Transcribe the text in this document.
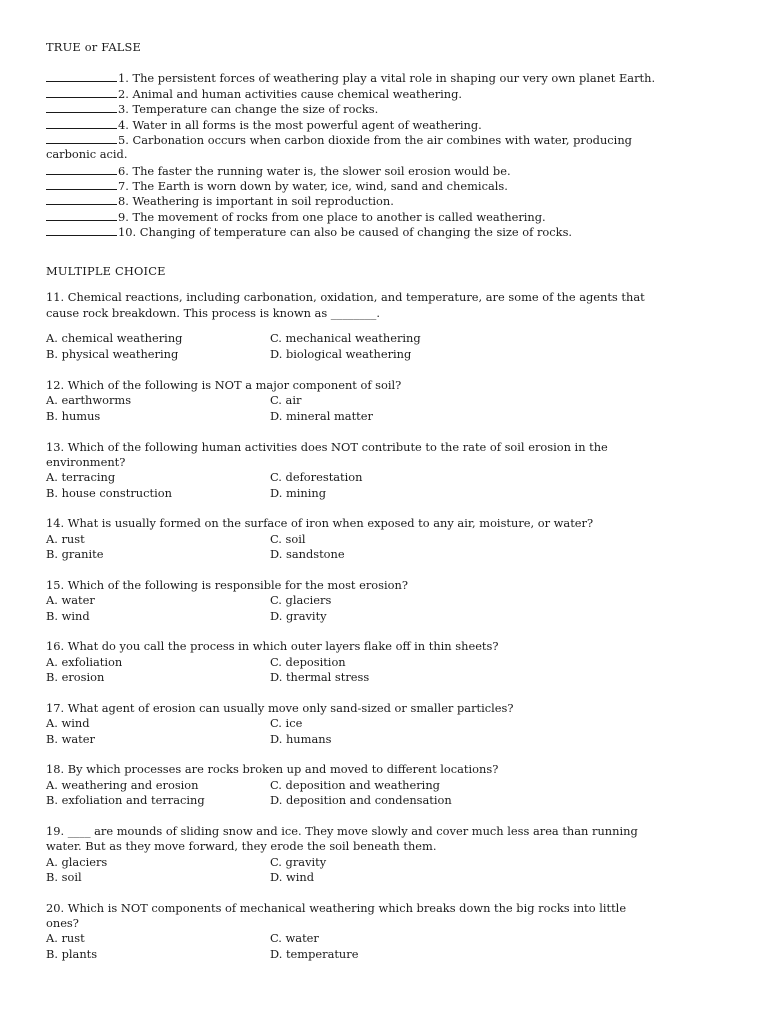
TRUE or FALSE
1. The persistent forces of weathering play a vital role in shaping our very own planet Earth.
2. Animal and human activities cause chemical weathering.
3. Temperature can change the size of rocks.
4. Water in all forms is the most powerful agent of weathering.
5. Carbonation occurs when carbon dioxide from the air combines with water, producing
carbonic acid.
6. The faster the running water is, the slower soil erosion would be.
7. The Earth is worn down by water, ice, wind, sand and chemicals.
8. Weathering is important in soil reproduction.
9. The movement of rocks from one place to another is called weathering.
10. Changing of temperature can also be caused of changing the size of rocks.
MULTIPLE CHOICE
11. Chemical reactions, including carbonation, oxidation, and temperature, are some of the agents that
cause rock breakdown. This process is known as ________.
A. chemical weathering	C. mechanical weathering
B. physical weathering	D. biological weathering
12. Which of the following is NOT a major component of soil?
A. earthworms	C. air
B. humus	D. mineral matter
13. Which of the following human activities does NOT contribute to the rate of soil erosion in the
environment?
A. terracing	C. deforestation
B. house construction	D. mining
14. What is usually formed on the surface of iron when exposed to any air, moisture, or water?
A. rust	C. soil
B. granite	D. sandstone
15. Which of the following is responsible for the most erosion?
A. water	C. glaciers
B. wind	D. gravity
16. What do you call the process in which outer layers flake off in thin sheets?
A. exfoliation	C. deposition
B. erosion	D. thermal stress
17. What agent of erosion can usually move only sand-sized or smaller particles?
A. wind	C. ice
B. water	D. humans
18. By which processes are rocks broken up and moved to different locations?
A. weathering and erosion	C. deposition and weathering
B. exfoliation and terracing	D. deposition and condensation
19. ____ are mounds of sliding snow and ice. They move slowly and cover much less area than running
water. But as they move forward, they erode the soil beneath them.
A. glaciers	C. gravity
B. soil	D. wind
20. Which is NOT components of mechanical weathering which breaks down the big rocks into little
ones?
A. rust	C. water
B. plants	D. temperature
